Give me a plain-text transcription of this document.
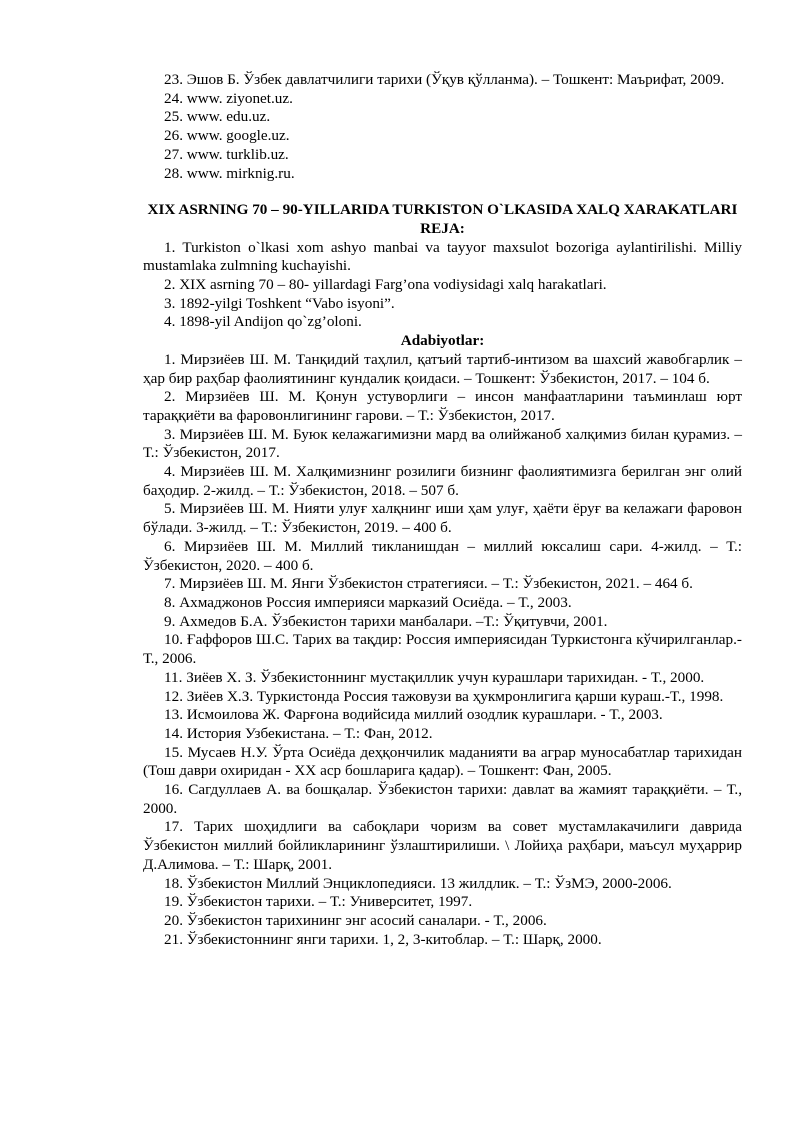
23. Эшов Б. Ўзбек давлатчилиги тарихи (Ўқув қўлланма). – Тошкент: Маърифат, 2009.

24. www. ziyonet.uz.

25. www. edu.uz.

26. www. google.uz.

27. www. turklib.uz.

28. www. mirknig.ru.

XIX ASRNING 70 – 90-YILLARIDA TURKISTON O`LKASIDA XALQ XARAKATLARI

REJA:

1. Turkiston o`lkasi xom ashyo manbai va tayyor maxsulot bozoriga aylantirilishi. Milliy mustamlaka zulmning kuchayishi.

2. XIX asrning 70 – 80- yillardagi Farg’ona vodiysidagi xalq harakatlari.

3. 1892-yilgi Toshkent “Vabo isyoni”.

4. 1898-yil Andijon qo`zg’oloni.

Adabiyotlar:

1. Мирзиёев Ш. М. Танқидий таҳлил, қатъий тартиб-интизом ва шахсий жавобгарлик – ҳар бир раҳбар фаолиятининг кундалик қоидаси. – Тошкент: Ўзбекистон, 2017. – 104 б.

2. Мирзиёев Ш. М. Қонун устуворлиги – инсон манфаатларини таъминлаш юрт тараққиёти ва фаровонлигининг гарови. – Т.: Ўзбекистон, 2017.

3. Мирзиёев Ш. М. Буюк келажагимизни мард ва олийжаноб халқимиз билан қурамиз. – Т.: Ўзбекистон, 2017.

4. Мирзиёев Ш. М. Халқимизнинг розилиги бизнинг фаолиятимизга берилган энг олий баҳодир. 2-жилд. – Т.: Ўзбекистон, 2018. – 507 б.

5. Мирзиёев Ш. М. Нияти улуғ халқнинг иши ҳам улуғ, ҳаёти ёруғ ва келажаги фаровон бўлади. 3-жилд. – Т.: Ўзбекистон, 2019. – 400 б.

6. Мирзиёев Ш. М. Миллий тикланишдан – миллий юксалиш сари. 4-жилд. – Т.: Ўзбекистон, 2020. – 400 б.

7. Мирзиёев Ш. М. Янги Ўзбекистон стратегияси. – Т.: Ўзбекистон, 2021. – 464 б.

8. Ахмаджонов Россия империяси марказий Осиёда. – Т., 2003.

9. Ахмедов Б.А. Ўзбекистон тарихи манбалари. –Т.: Ўқитувчи, 2001.

10. Ғаффоров Ш.С. Тарих ва тақдир: Россия империясидан Туркистонга кўчирилганлар.-Т., 2006.

11. Зиёев Х. З. Ўзбекистоннинг мустақиллик учун курашлари тарихидан. - Т., 2000.

12. Зиёев Х.З. Туркистонда Россия тажовузи ва ҳукмронлигига қарши кураш.-Т., 1998.

13. Исмоилова Ж. Фарғона водийсида миллий озодлик курашлари. - Т., 2003.

14. История Узбекистана. – Т.: Фан, 2012.

15. Мусаев Н.У. Ўрта Осиёда деҳқончилик маданияти ва аграр муносабатлар тарихидан (Тош даври охиридан - ХХ аср бошларига қадар). – Тошкент: Фан, 2005.

16. Сагдуллаев А. ва бошқалар. Ўзбекистон тарихи: давлат ва жамият тараққиёти. – Т., 2000.

17. Тарих шоҳидлиги ва сабоқлари чоризм ва совет мустамлакачилиги даврида Ўзбекистон миллий бойликларининг ўзлаштирилиши. \ Лойиҳа раҳбари, маъсул муҳаррир Д.Алимова. – Т.: Шарқ, 2001.

18. Ўзбекистон Миллий Энциклопедияси. 13 жилдлик. – Т.: ЎзМЭ, 2000-2006.

19. Ўзбекистон тарихи. – Т.: Университет, 1997.

20. Ўзбекистон тарихининг энг асосий саналари. - Т., 2006.

21. Ўзбекистоннинг янги тарихи. 1, 2, 3-китоблар. – Т.: Шарқ, 2000.
